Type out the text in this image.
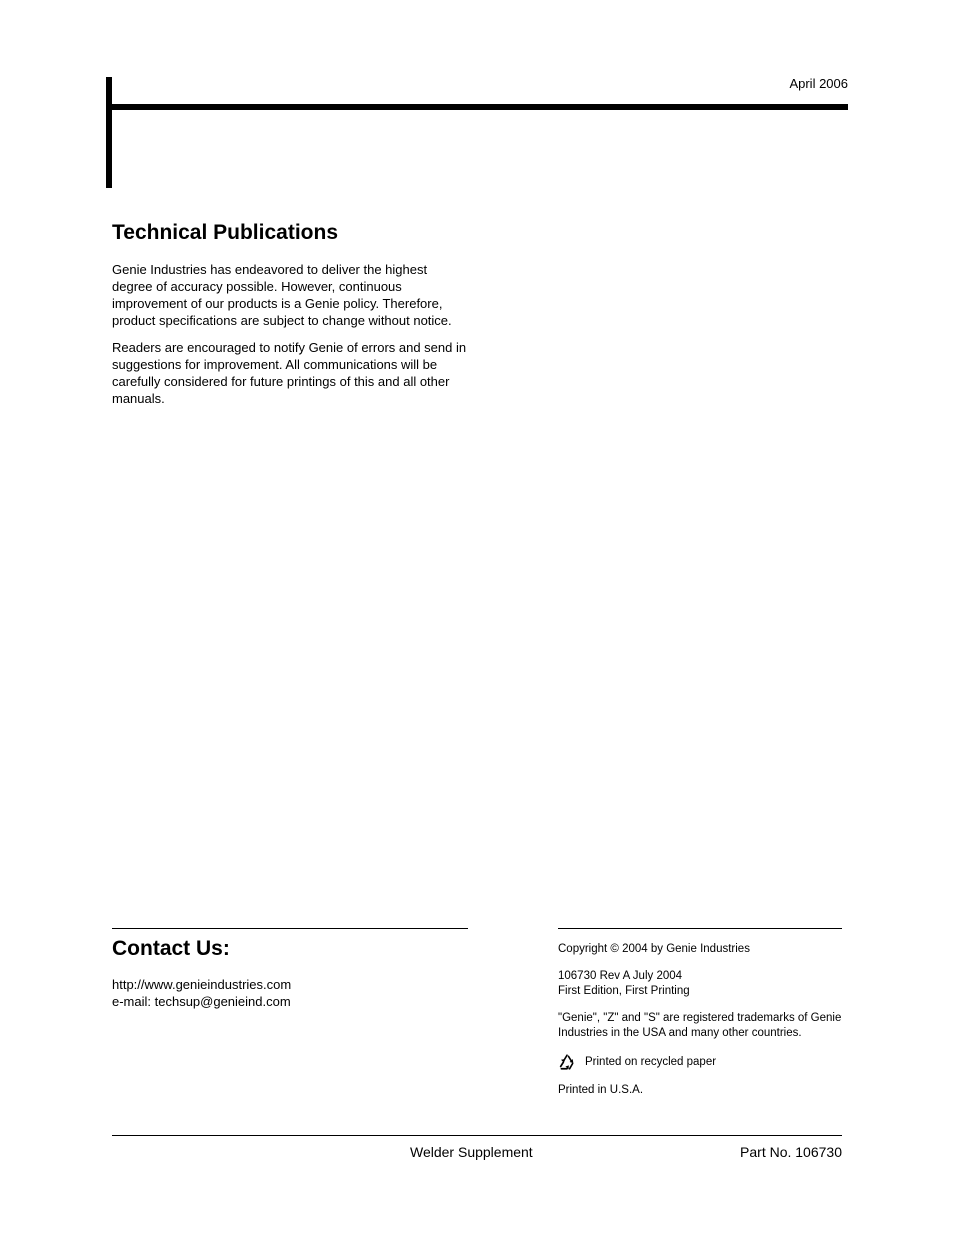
April 2006
Technical Publications

Genie Industries has endeavored to deliver the highest degree of accuracy possible. However, continuous improvement of our products is a Genie policy. Therefore, product specifications are subject to change without notice.

Readers are encouraged to notify Genie of errors and send in suggestions for improvement. All communications will be carefully considered for future printings of this and all other manuals.

Contact Us:
http://www.genieindustries.com
e-mail: techsup@genieind.com

Copyright © 2004 by Genie Industries

106730 Rev A July 2004
First Edition, First Printing

"Genie", "Z" and "S" are registered trademarks of Genie Industries in the USA and many other countries.

Printed on recycled paper

Printed in U.S.A.

Welder Supplement	Part No. 106730
